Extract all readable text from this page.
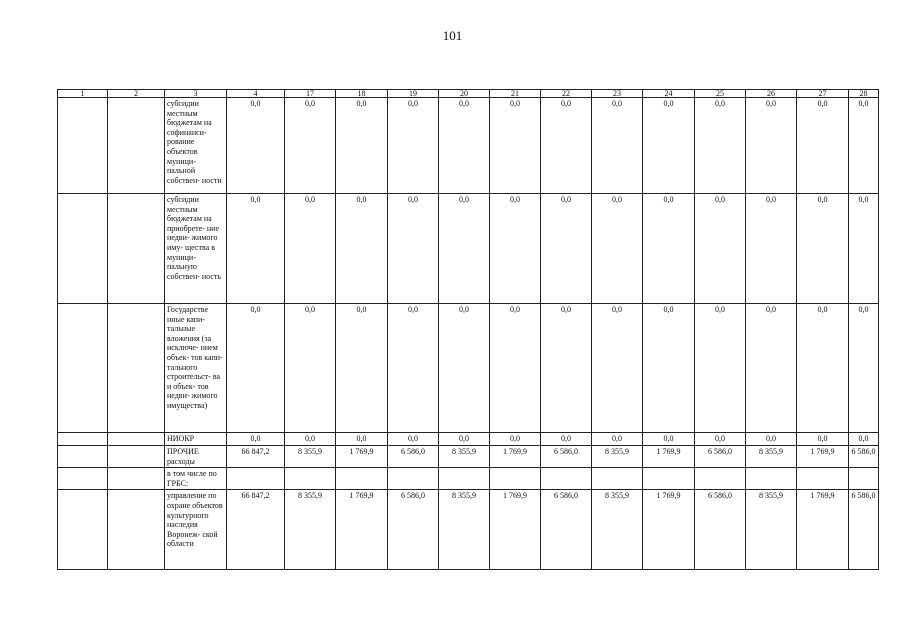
101
1	2	3	4	17	18	19	20	21	22	23	24	25	26	27	28
		субсидии местным бюджетам на софинанси- рование объектов муници- пальной собствен- ности	0,0	0,0	0,0	0,0	0,0	0,0	0,0	0,0	0,0	0,0	0,0	0,0	0,0
		субсидии местным бюджетам на приобрете- ние недви- жимого иму- щества в муници- пальную собствен- ность	0,0	0,0	0,0	0,0	0,0	0,0	0,0	0,0	0,0	0,0	0,0	0,0	0,0
		Государстве нные капи- тальные вложения (за исключе- нием объек- тов капи- тального строительст- ва и объек- тов недви- жимого имущества)	0,0	0,0	0,0	0,0	0,0	0,0	0,0	0,0	0,0	0,0	0,0	0,0	0,0
		НИОКР	0,0	0,0	0,0	0,0	0,0	0,0	0,0	0,0	0,0	0,0	0,0	0,0	0,0
		ПРОЧИЕ расходы	66 847,2	8 355,9	1 769,9	6 586,0	8 355,9	1 769,9	6 586,0	8 355,9	1 769,9	6 586,0	8 355,9	1 769,9	6 586,0
		в том числе по ГРБС:													
		управление по охране объектов культурного наследия Воронеж- ской области	66 847,2	8 355,9	1 769,9	6 586,0	8 355,9	1 769,9	6 586,0	8 355,9	1 769,9	6 586,0	8 355,9	1 769,9	6 586,0
